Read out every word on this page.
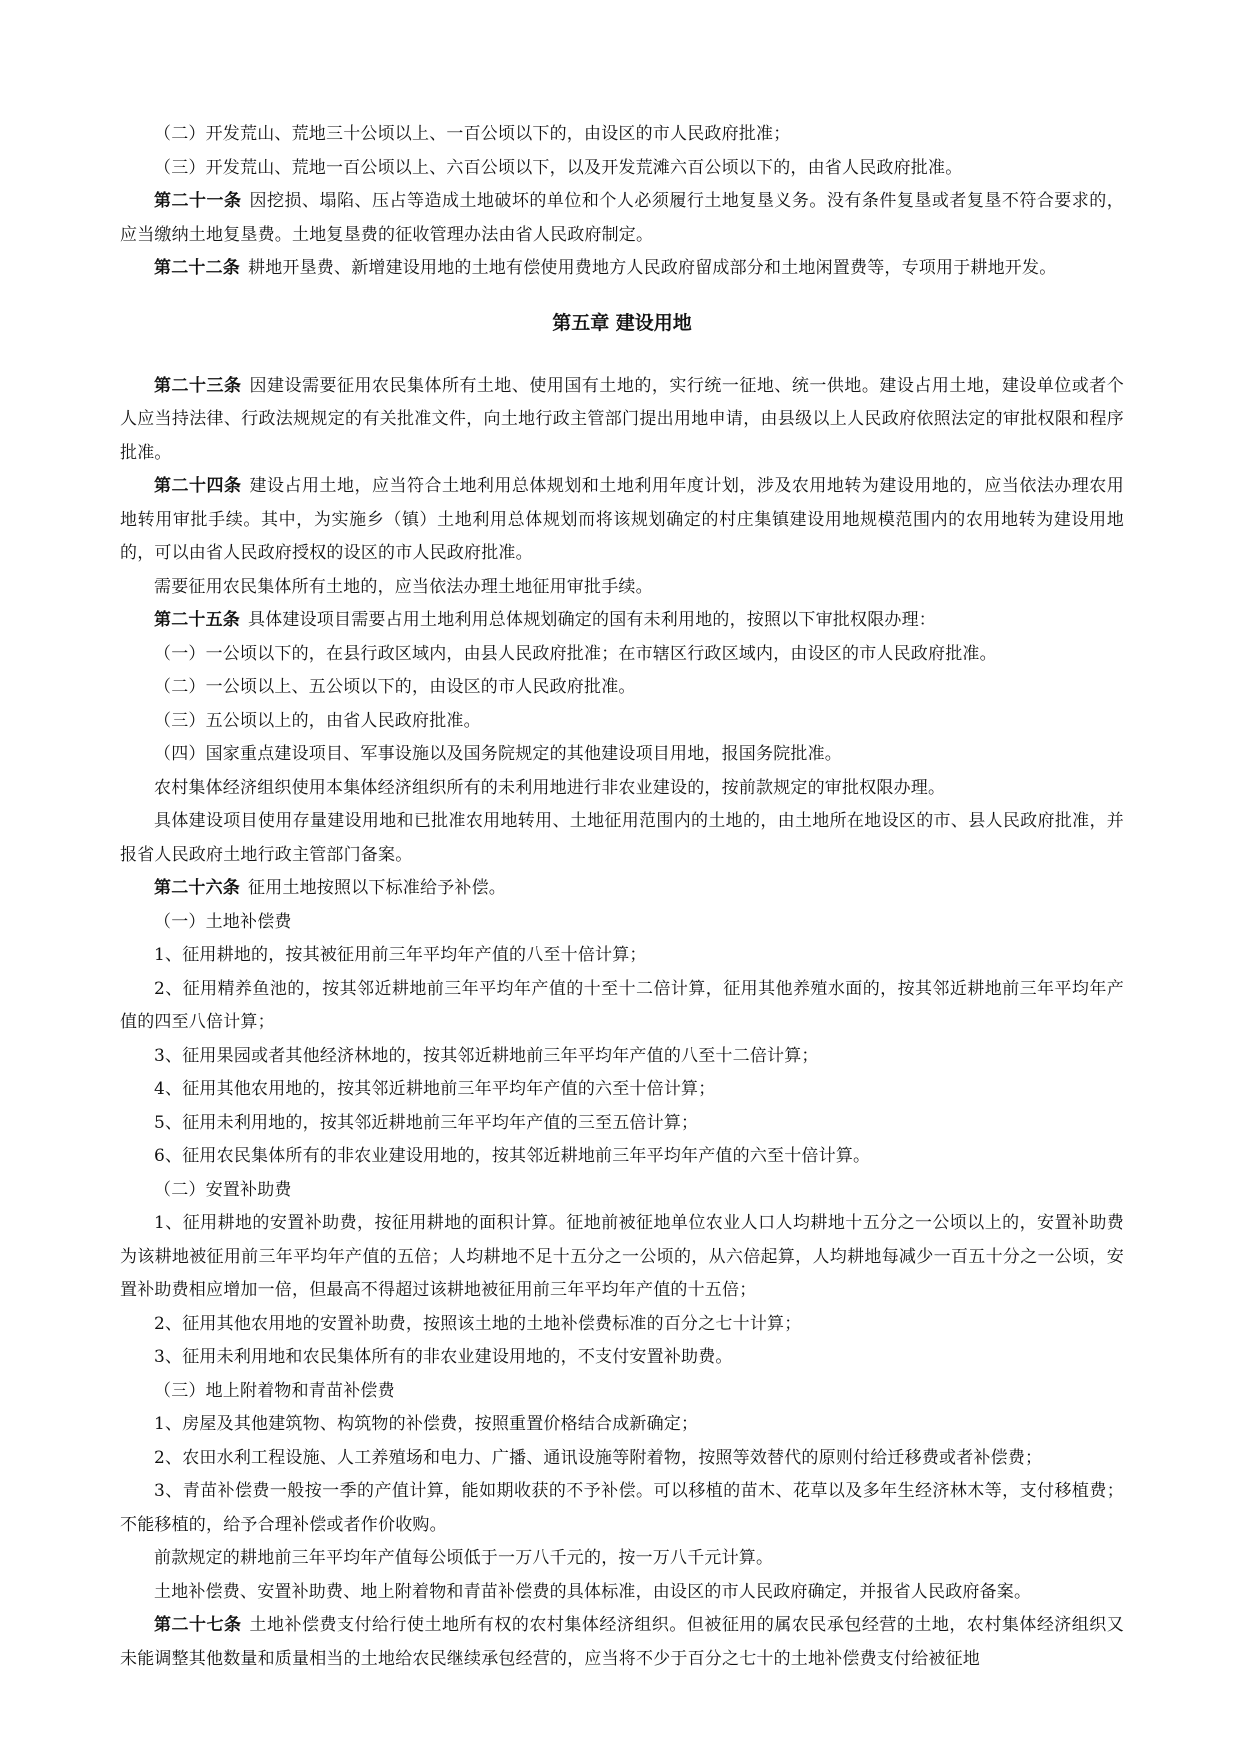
（二）开发荒山、荒地三十公顷以上、一百公顷以下的，由设区的市人民政府批准；

（三）开发荒山、荒地一百公顷以上、六百公顷以下，以及开发荒滩六百公顷以下的，由省人民政府批准。

第二十一条 因挖损、塌陷、压占等造成土地破坏的单位和个人必须履行土地复垦义务。没有条件复垦或者复垦不符合要求的，应当缴纳土地复垦费。土地复垦费的征收管理办法由省人民政府制定。

第二十二条 耕地开垦费、新增建设用地的土地有偿使用费地方人民政府留成部分和土地闲置费等，专项用于耕地开发。

第五章 建设用地

第二十三条 因建设需要征用农民集体所有土地、使用国有土地的，实行统一征地、统一供地。建设占用土地，建设单位或者个人应当持法律、行政法规规定的有关批准文件，向土地行政主管部门提出用地申请，由县级以上人民政府依照法定的审批权限和程序批准。

第二十四条 建设占用土地，应当符合土地利用总体规划和土地利用年度计划，涉及农用地转为建设用地的，应当依法办理农用地转用审批手续。其中，为实施乡（镇）土地利用总体规划而将该规划确定的村庄集镇建设用地规模范围内的农用地转为建设用地的，可以由省人民政府授权的设区的市人民政府批准。

需要征用农民集体所有土地的，应当依法办理土地征用审批手续。

第二十五条 具体建设项目需要占用土地利用总体规划确定的国有未利用地的，按照以下审批权限办理：

（一）一公顷以下的，在县行政区域内，由县人民政府批准；在市辖区行政区域内，由设区的市人民政府批准。

（二）一公顷以上、五公顷以下的，由设区的市人民政府批准。

（三）五公顷以上的，由省人民政府批准。

（四）国家重点建设项目、军事设施以及国务院规定的其他建设项目用地，报国务院批准。

农村集体经济组织使用本集体经济组织所有的未利用地进行非农业建设的，按前款规定的审批权限办理。

具体建设项目使用存量建设用地和已批准农用地转用、土地征用范围内的土地的，由土地所在地设区的市、县人民政府批准，并报省人民政府土地行政主管部门备案。

第二十六条 征用土地按照以下标准给予补偿。

（一）土地补偿费

1、征用耕地的，按其被征用前三年平均年产值的八至十倍计算；

2、征用精养鱼池的，按其邻近耕地前三年平均年产值的十至十二倍计算，征用其他养殖水面的，按其邻近耕地前三年平均年产值的四至八倍计算；

3、征用果园或者其他经济林地的，按其邻近耕地前三年平均年产值的八至十二倍计算；

4、征用其他农用地的，按其邻近耕地前三年平均年产值的六至十倍计算；

5、征用未利用地的，按其邻近耕地前三年平均年产值的三至五倍计算；

6、征用农民集体所有的非农业建设用地的，按其邻近耕地前三年平均年产值的六至十倍计算。

（二）安置补助费

1、征用耕地的安置补助费，按征用耕地的面积计算。征地前被征地单位农业人口人均耕地十五分之一公顷以上的，安置补助费为该耕地被征用前三年平均年产值的五倍；人均耕地不足十五分之一公顷的，从六倍起算，人均耕地每减少一百五十分之一公顷，安置补助费相应增加一倍，但最高不得超过该耕地被征用前三年平均年产值的十五倍；

2、征用其他农用地的安置补助费，按照该土地的土地补偿费标准的百分之七十计算；

3、征用未利用地和农民集体所有的非农业建设用地的，不支付安置补助费。

（三）地上附着物和青苗补偿费

1、房屋及其他建筑物、构筑物的补偿费，按照重置价格结合成新确定；

2、农田水利工程设施、人工养殖场和电力、广播、通讯设施等附着物，按照等效替代的原则付给迁移费或者补偿费；

3、青苗补偿费一般按一季的产值计算，能如期收获的不予补偿。可以移植的苗木、花草以及多年生经济林木等，支付移植费；不能移植的，给予合理补偿或者作价收购。

前款规定的耕地前三年平均年产值每公顷低于一万八千元的，按一万八千元计算。

土地补偿费、安置补助费、地上附着物和青苗补偿费的具体标准，由设区的市人民政府确定，并报省人民政府备案。

第二十七条 土地补偿费支付给行使土地所有权的农村集体经济组织。但被征用的属农民承包经营的土地，农村集体经济组织又未能调整其他数量和质量相当的土地给农民继续承包经营的，应当将不少于百分之七十的土地补偿费支付给被征地
